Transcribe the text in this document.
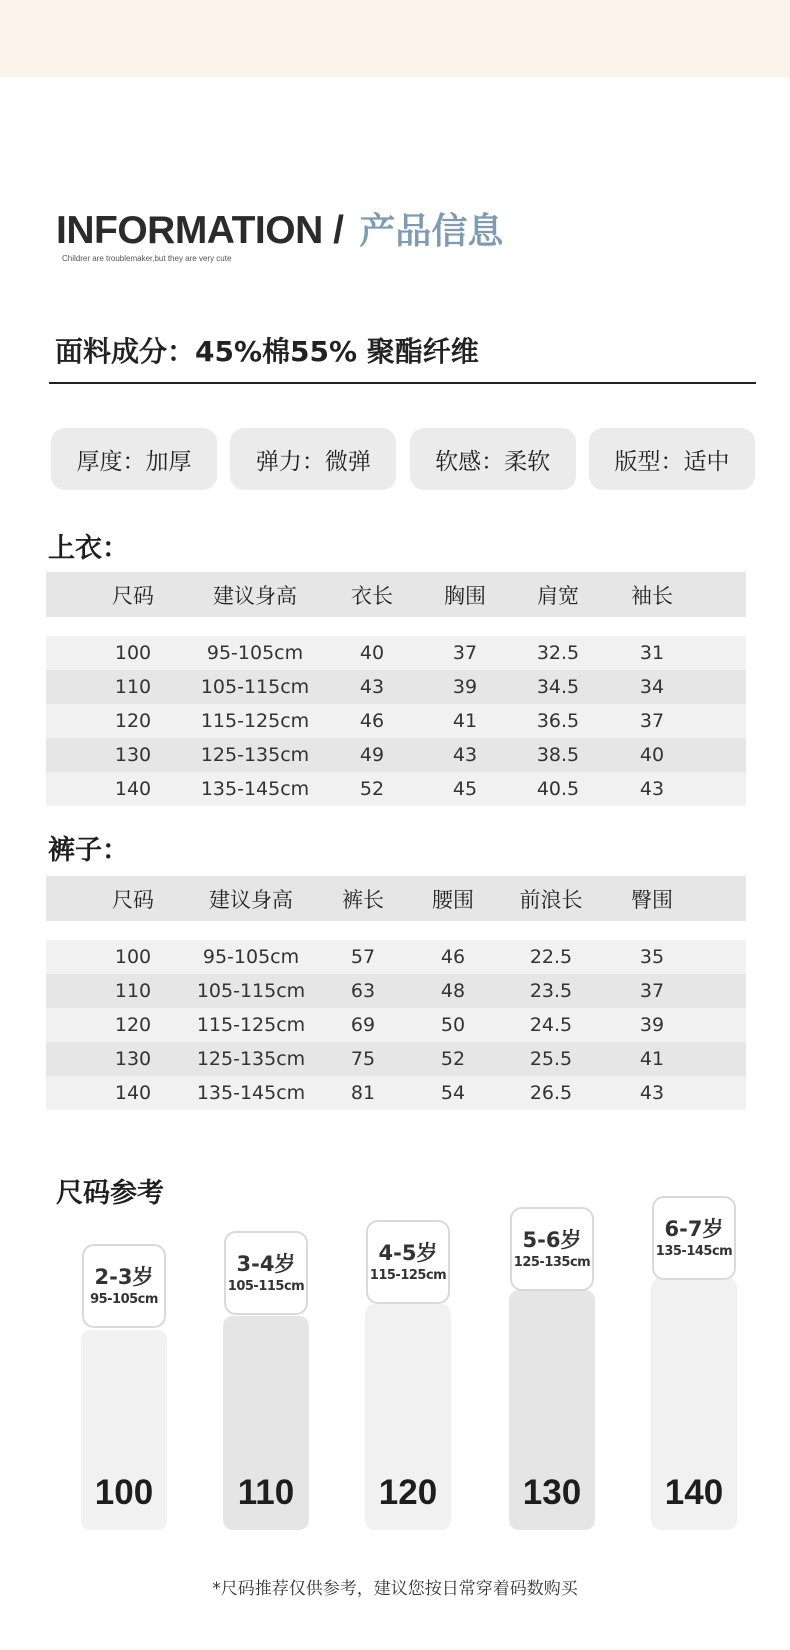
INFORMATION / 产品信息
Childrer are troublemaker,but they are very cute
面料成分：45%棉55% 聚酯纤维
厚度：加厚	弹力：微弹	软感：柔软	版型：适中
上衣：
尺码	建议身高	衣长 胸围 肩宽 袖长
100	95-105cm	40	37	32.5	31
110	105-115cm	43	39	34.5	34
120	115-125cm	46	41	36.5	37
130	125-135cm	49	43	38.5	40
140	135-145cm	52	45	40.5	43
裤子：
尺码	建议身高 裤长 腰围 前浪长 臀围
100	95-105cm	57	46	22.5	35
110 105-115cm 63	48	23.5	37
120 115-125cm 69	50	24.5	39
130 125-135cm 75	52	25.5	41
140 135-145cm 81	54	26.5	43
尺码参考
2-3岁
95-105cm
100
3-4岁
105-115cm
110
4-5岁
115-125cm
120
5-6岁
125-135cm
130
6-7岁
135-145cm
140
*尺码推荐仅供参考，建议您按日常穿着码数购买
